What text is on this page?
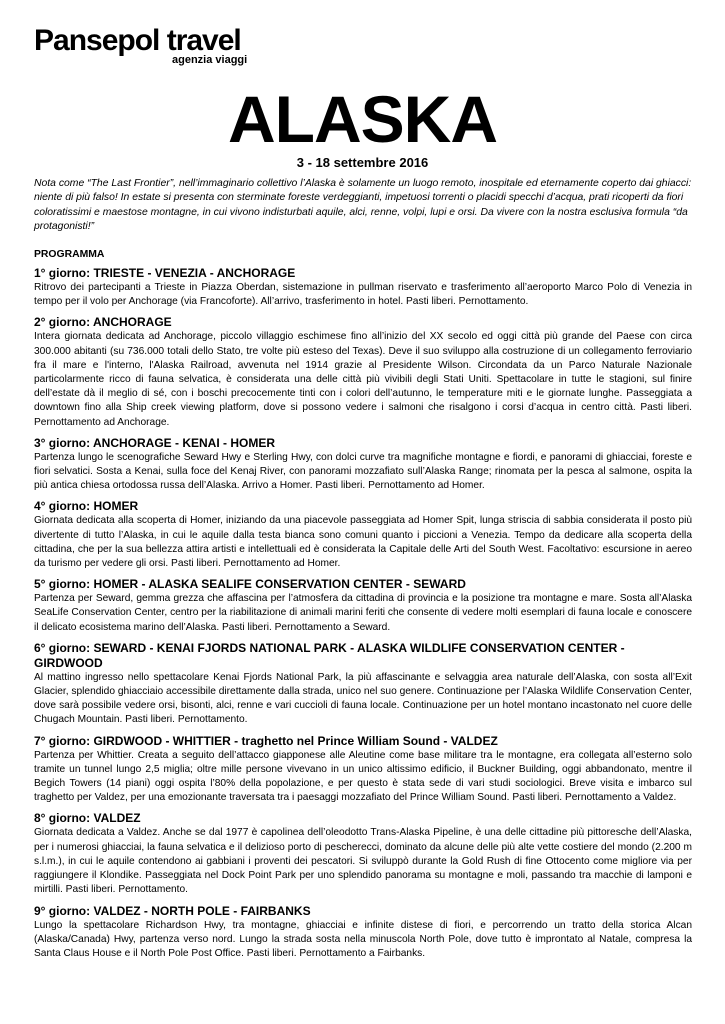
Pansepol travel
agenzia viaggi
ALASKA
3 - 18 settembre 2016
Nota come “The Last Frontier”, nell’immaginario collettivo l’Alaska è solamente un luogo remoto, inospitale ed eternamente coperto dai ghiacci: niente di più falso! In estate si presenta con sterminate foreste verdeggianti, impetuosi torrenti o placidi specchi d’acqua, prati ricoperti da fiori coloratissimi e maestose montagne, in cui vivono indisturbati aquile, alci, renne, volpi, lupi e orsi. Da vivere con la nostra esclusiva formula “da protagonisti!”
PROGRAMMA

1° giorno: TRIESTE - VENEZIA - ANCHORAGE

Ritrovo dei partecipanti a Trieste in Piazza Oberdan, sistemazione in pullman riservato e trasferimento all’aeroporto Marco Polo di Venezia in tempo per il volo per Anchorage (via Francoforte). All’arrivo, trasferimento in hotel. Pasti liberi. Pernottamento.

2° giorno: ANCHORAGE

Intera giornata dedicata ad Anchorage, piccolo villaggio eschimese fino all’inizio del XX secolo ed oggi città più grande del Paese con circa 300.000 abitanti (su 736.000 totali dello Stato, tre volte più esteso del Texas). Deve il suo sviluppo alla costruzione di un collegamento ferroviario fra il mare e l'interno, l'Alaska Railroad, avvenuta nel 1914 grazie al Presidente Wilson. Circondata da un Parco Naturale Nazionale particolarmente ricco di fauna selvatica, è considerata una delle città più vivibili degli Stati Uniti. Spettacolare in tutte le stagioni, sul finire dell’estate dà il meglio di sé, con i boschi precocemente tinti con i colori dell’autunno, le temperature miti e le giornate lunghe. Passeggiata a downtown fino alla Ship creek viewing platform, dove si possono vedere i salmoni che risalgono i corsi d’acqua in centro città. Pasti liberi. Pernottamento ad Anchorage.

3° giorno: ANCHORAGE - KENAI - HOMER

Partenza lungo le scenografiche Seward Hwy e Sterling Hwy, con dolci curve tra magnifiche montagne e fiordi, e panorami di ghiacciai, foreste e fiori selvatici. Sosta a Kenai, sulla foce del Kenaj River, con panorami mozzafiato sull’Alaska Range; rinomata per la pesca al salmone, ospita la più antica chiesa ortodossa russa dell’Alaska. Arrivo a Homer. Pasti liberi. Pernottamento ad Homer.

4° giorno: HOMER

Giornata dedicata alla scoperta di Homer, iniziando da una piacevole passeggiata ad Homer Spit, lunga striscia di sabbia considerata il posto più divertente di tutto l’Alaska, in cui le aquile dalla testa bianca sono comuni quanto i piccioni a Venezia. Tempo da dedicare alla scoperta della cittadina, che per la sua bellezza attira artisti e intellettuali ed è considerata la Capitale delle Arti del South West. Facoltativo: escursione in aereo da turismo per vedere gli orsi. Pasti liberi. Pernottamento ad Homer.

5° giorno: HOMER - ALASKA SEALIFE CONSERVATION CENTER - SEWARD

Partenza per Seward, gemma grezza che affascina per l’atmosfera da cittadina di provincia e la posizione tra montagne e mare. Sosta all’Alaska SeaLife Conservation Center, centro per la riabilitazione di animali marini feriti che consente di vedere molti esemplari di fauna locale e conoscere il delicato ecosistema marino dell’Alaska. Pasti liberi. Pernottamento a Seward.

6° giorno: SEWARD - KENAI FJORDS NATIONAL PARK - ALASKA WILDLIFE CONSERVATION CENTER - GIRDWOOD

Al mattino ingresso nello spettacolare Kenai Fjords National Park, la più affascinante e selvaggia area naturale dell’Alaska, con sosta all’Exit Glacier, splendido ghiacciaio accessibile direttamente dalla strada, unico nel suo genere. Continuazione per l’Alaska Wildlife Conservation Center, dove sarà possibile vedere orsi, bisonti, alci, renne e vari cuccioli di fauna locale. Continuazione per un hotel montano incastonato nel cuore delle Chugach Mountain. Pasti liberi. Pernottamento.

7° giorno: GIRDWOOD - WHITTIER - traghetto nel Prince William Sound - VALDEZ

Partenza per Whittier. Creata a seguito dell’attacco giapponese alle Aleutine come base militare tra le montagne, era collegata all’esterno solo tramite un tunnel lungo 2,5 miglia; oltre mille persone vivevano in un unico altissimo edificio, il Buckner Building, oggi abbandonato, mentre il Begich Towers (14 piani) oggi ospita l’80% della popolazione, e per questo è stata sede di vari studi sociologici. Breve visita e imbarco sul traghetto per Valdez, per una emozionante traversata tra i paesaggi mozzafiato del Prince William Sound. Pasti liberi. Pernottamento a Valdez.

8° giorno: VALDEZ

Giornata dedicata a Valdez. Anche se dal 1977 è capolinea dell’oleodotto Trans-Alaska Pipeline, è una delle cittadine più pittoresche dell’Alaska, per i numerosi ghiacciai, la fauna selvatica e il delizioso porto di pescherecci, dominato da alcune delle più alte vette costiere del mondo (2.200 m s.l.m.), in cui le aquile contendono ai gabbiani i proventi dei pescatori. Si sviluppò durante la Gold Rush di fine Ottocento come migliore via per raggiungere il Klondike. Passeggiata nel Dock Point Park per uno splendido panorama su montagne e moli, passando tra macchie di lamponi e mirtilli. Pasti liberi. Pernottamento.

9° giorno: VALDEZ - NORTH POLE - FAIRBANKS

Lungo la spettacolare Richardson Hwy, tra montagne, ghiacciai e infinite distese di fiori, e percorrendo un tratto della storica Alcan (Alaska/Canada) Hwy, partenza verso nord. Lungo la strada sosta nella minuscola North Pole, dove tutto è improntato al Natale, compresa la Santa Claus House e il North Pole Post Office. Pasti liberi. Pernottamento a Fairbanks.
